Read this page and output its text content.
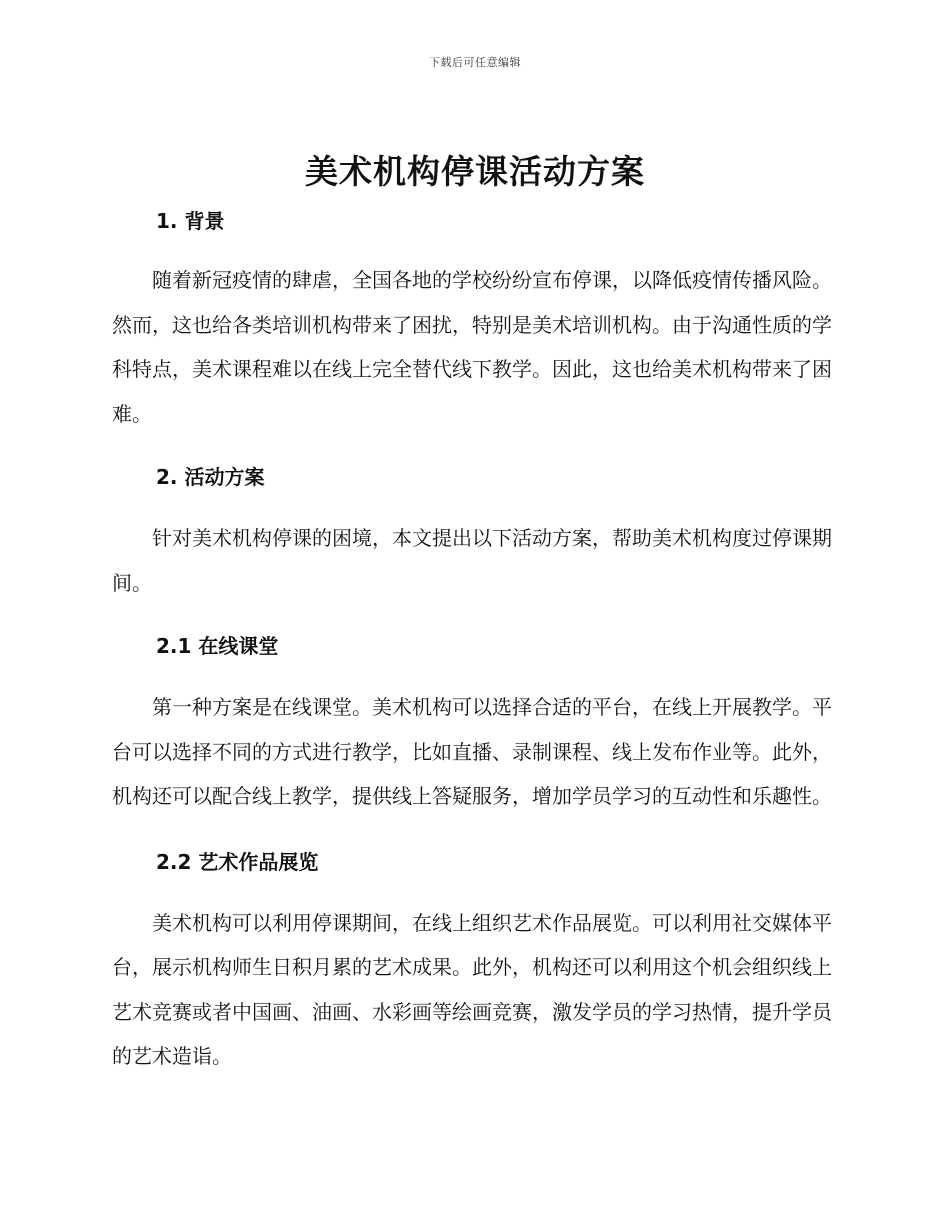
下载后可任意编辑
美术机构停课活动方案
1. 背景

随着新冠疫情的肆虐，全国各地的学校纷纷宣布停课，以降低疫情传播风险。然而，这也给各类培训机构带来了困扰，特别是美术培训机构。由于沟通性质的学科特点，美术课程难以在线上完全替代线下教学。因此，这也给美术机构带来了困难。

2. 活动方案

针对美术机构停课的困境，本文提出以下活动方案，帮助美术机构度过停课期间。

2.1 在线课堂

第一种方案是在线课堂。美术机构可以选择合适的平台，在线上开展教学。平台可以选择不同的方式进行教学，比如直播、录制课程、线上发布作业等。此外，机构还可以配合线上教学，提供线上答疑服务，增加学员学习的互动性和乐趣性。

2.2 艺术作品展览

美术机构可以利用停课期间，在线上组织艺术作品展览。可以利用社交媒体平台，展示机构师生日积月累的艺术成果。此外，机构还可以利用这个机会组织线上艺术竞赛或者中国画、油画、水彩画等绘画竞赛，激发学员的学习热情，提升学员的艺术造诣。
